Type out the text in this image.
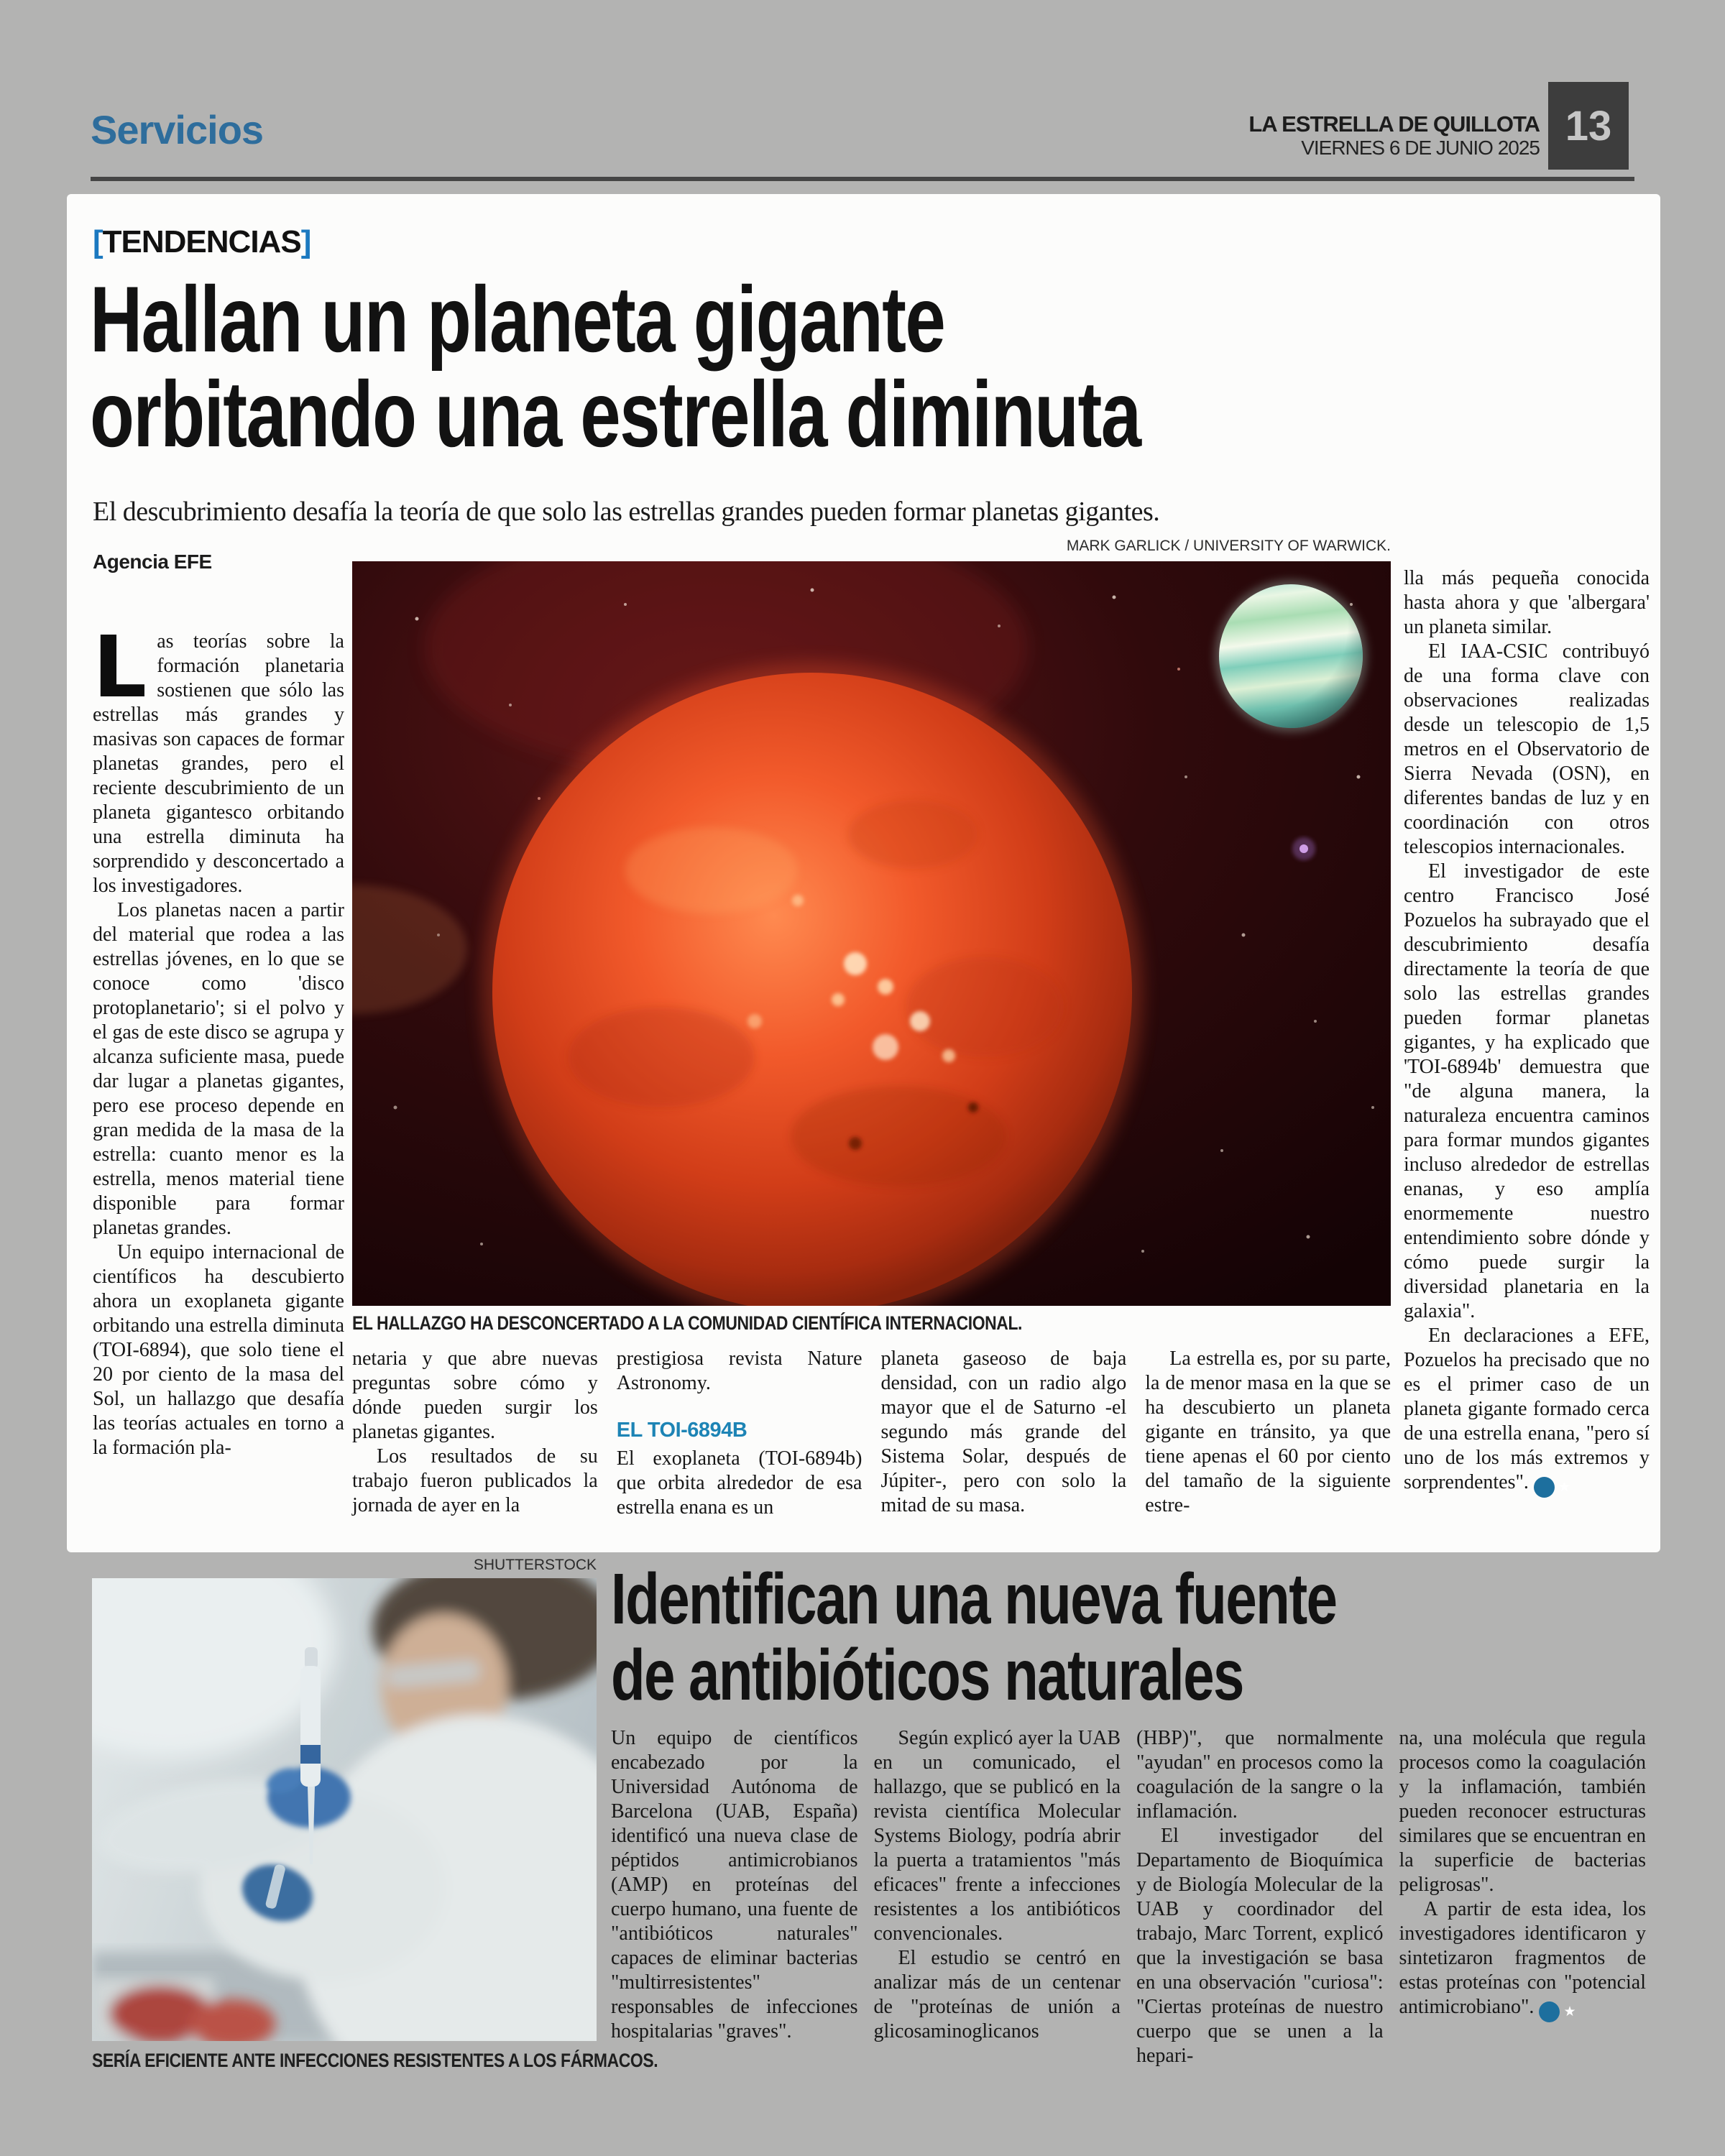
Servicios	LA ESTRELLA DE QUILLOTA
VIERNES 6 DE JUNIO 2025 13
[TENDENCIAS]
Hallan un planeta gigante
orbitando una estrella diminuta
El descubrimiento desafía la teoría de que solo las estrellas grandes pueden formar planetas gigantes.
MARK GARLICK / UNIVERSITY OF WARWICK.
Agencia EFE
EL HALLAZGO HA DESCONCERTADO A LA COMUNIDAD CIENTÍFICA INTERNACIONAL.

Las teorías sobre la formación planetaria sostienen que sólo las estrellas más grandes y masivas son capaces de formar planetas grandes, pero el reciente descubrimiento de un planeta gigantesco orbitando una estrella diminuta ha sorprendido y desconcertado a los investigadores.

Los planetas nacen a partir del material que rodea a las estrellas jóvenes, en lo que se conoce como 'disco protoplanetario'; si el polvo y el gas de este disco se agrupa y alcanza suficiente masa, puede dar lugar a planetas gigantes, pero ese proceso depende en gran medida de la masa de la estrella: cuanto menor es la estrella, menos material tiene disponible para formar planetas grandes.

Un equipo internacional de científicos ha descubierto ahora un exoplaneta gigante orbitando una estrella diminuta (TOI-6894), que solo tiene el 20 por ciento de la masa del Sol, un hallazgo que desafía las teorías actuales en torno a la formación pla-

lla más pequeña conocida hasta ahora y que 'albergara' un planeta similar.

El IAA-CSIC contribuyó de una forma clave con observaciones realizadas desde un telescopio de 1,5 metros en el Observatorio de Sierra Nevada (OSN), en diferentes bandas de luz y en coordinación con otros telescopios internacionales.

El investigador de este centro Francisco José Pozuelos ha subrayado que el descubrimiento desafía directamente la teoría de que solo las estrellas grandes pueden formar planetas gigantes, y ha explicado que 'TOI-6894b' demuestra que "de alguna manera, la naturaleza encuentra caminos para formar mundos gigantes incluso alrededor de estrellas enanas, y eso amplía enormemente nuestro entendimiento sobre dónde y cómo puede surgir la diversidad planetaria en la galaxia".

En declaraciones a EFE, Pozuelos ha precisado que no es el primer caso de un planeta gigante formado cerca de una estrella enana, "pero sí uno de los más extremos y sorprendentes". ★

netaria y que abre nuevas preguntas sobre cómo y dónde pueden surgir los planetas gigantes.

Los resultados de su trabajo fueron publicados la jornada de ayer en la

prestigiosa revista Nature Astronomy.

EL TOI-6894B

El exoplaneta (TOI-6894b) que orbita alrededor de esa estrella enana es un

planeta gaseoso de baja densidad, con un radio algo mayor que el de Saturno -el segundo más grande del Sistema Solar, después de Júpiter-, pero con solo la mitad de su masa.

La estrella es, por su parte, la de menor masa en la que se ha descubierto un planeta gigante en tránsito, ya que tiene apenas el 60 por ciento del tamaño de la siguiente estre-

SHUTTERSTOCK
SERÍA EFICIENTE ANTE INFECCIONES RESISTENTES A LOS FÁRMACOS.
Identifican una nueva fuente
de antibióticos naturales

Un equipo de científicos encabezado por la Universidad Autónoma de Barcelona (UAB, España) identificó una nueva clase de péptidos antimicrobianos (AMP) en proteínas del cuerpo humano, una fuente de "antibióticos naturales" capaces de eliminar bacterias "multirresistentes" responsables de infecciones hospitalarias "graves".

Según explicó ayer la UAB en un comunicado, el hallazgo, que se publicó en la revista científica Molecular Systems Biology, podría abrir la puerta a tratamientos "más eficaces" frente a infecciones resistentes a los antibióticos convencionales.

El estudio se centró en analizar más de un centenar de "proteínas de unión a glicosaminoglicanos

(HBP)", que normalmente "ayudan" en procesos como la coagulación de la sangre o la inflamación.

El investigador del Departamento de Bioquímica y de Biología Molecular de la UAB y coordinador del trabajo, Marc Torrent, explicó que la investigación se basa en una observación "curiosa": "Ciertas proteínas de nuestro cuerpo que se unen a la hepari-

na, una molécula que regula procesos como la coagulación y la inflamación, también pueden reconocer estructuras similares que se encuentran en la superficie de bacterias peligrosas".

A partir de esta idea, los investigadores identificaron y sintetizaron fragmentos de estas proteínas con "potencial antimicrobiano". ★
